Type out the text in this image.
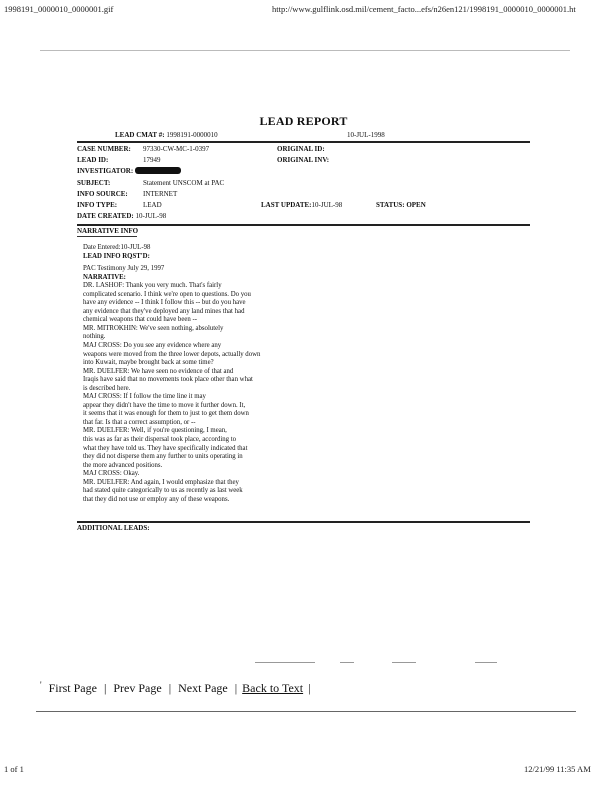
1998191_0000010_0000001.gif	http://www.gulflink.osd.mil/cement_facto...efs/n26en121/1998191_0000010_0000001.ht
LEAD REPORT
LEAD CMAT #: 1998191-0000010	10-JUL-1998
CASE NUMBER: 97330-CW-MC-1-0397
LEAD ID:	17949
INVESTIGATOR:
SUBJECT:	Statement UNSCOM at PAC
INFO SOURCE: INTERNET
INFO TYPE:	LEAD
DATE CREATED: 10-JUL-98
ORIGINAL ID:
ORIGINAL INV:
LAST UPDATE:10-JUL-98	STATUS: OPEN
NARRATIVE INFO
Date Entered:10-JUL-98
LEAD INFO RQST'D:
PAC Testimony July 29, 1997
NARRATIVE:
DR. LASHOF: Thank you very much. That's fairly
complicated scenario. I think we're open to questions. Do you
have any evidence -- I think I follow this -- but do you have
any evidence that they've deployed any land mines that had
chemical weapons that could have been --
MR. MITROKHIN: We've seen nothing, absolutely
nothing.
MAJ CROSS: Do you see any evidence where any
weapons were moved from the three lower depots, actually down
into Kuwait, maybe brought back at some time?
MR. DUELFER: We have seen no evidence of that and
Iraqis have said that no movements took place other than what
is described here.
MAJ CROSS: If I follow the time line it may
appear they didn't have the time to move it further down. It,
it seems that it was enough for them to just to get them down
that far. Is that a correct assumption, or --
MR. DUELFER: Well, if you're questioning, I mean,
this was as far as their dispersal took place, according to
what they have told us. They have specifically indicated that
they did not disperse them any further to units operating in
the more advanced positions.
MAJ CROSS: Okay.
MR. DUELFER: And again, I would emphasize that they
had stated quite categorically to us as recently as last week
that they did not use or employ any of these weapons.
ADDITIONAL LEADS:
' First Page | Prev Page | Next Page | Back to Text |
1 of 1	12/21/99 11:35 AM
